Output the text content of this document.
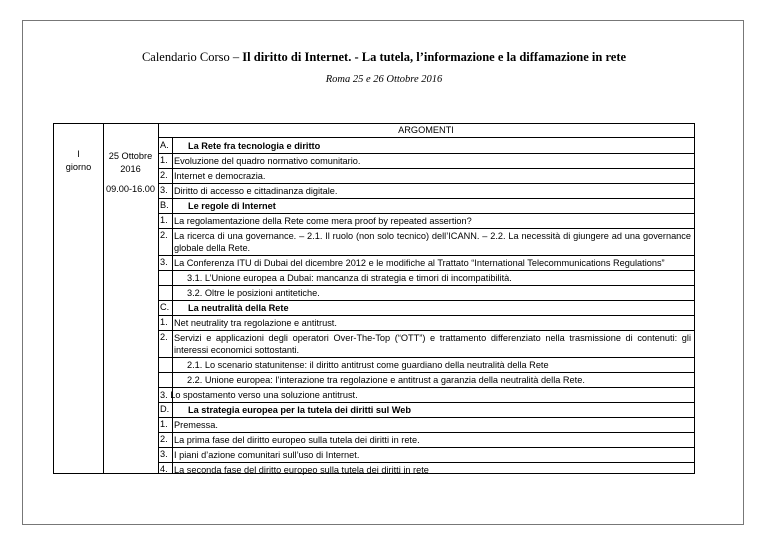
Calendario Corso – Il diritto di Internet. - La tutela, l’informazione e la diffamazione in rete
Roma 25 e 26 Ottobre 2016
ARGOMENTI
I
giorno
25 Ottobre
2016
09.00-16.00
A. La Rete fra tecnologia e diritto
1. Evoluzione del quadro normativo comunitario.
2. Internet e democrazia.
3. Diritto di accesso e cittadinanza digitale.
B. Le regole di Internet
1. La regolamentazione della Rete come mera proof by repeated assertion?
2. La ricerca di una governance. – 2.1. Il ruolo (non solo tecnico) dell’ICANN. – 2.2. La necessità di giungere ad una governance globale della Rete.
3. La Conferenza ITU di Dubai del dicembre 2012 e le modifiche al Trattato “International Telecommunications Regulations”
3.1. L’Unione europea a Dubai: mancanza di strategia e timori di incompatibilità.
3.2. Oltre le posizioni antitetiche.
C. La neutralità della Rete
1. Net neutrality tra regolazione e antitrust.
2. Servizi e applicazioni degli operatori Over-The-Top (“OTT”) e trattamento differenziato nella trasmissione di contenuti: gli interessi economici sottostanti.
2.1. Lo scenario statunitense: il diritto antitrust come guardiano della neutralità della Rete
2.2. Unione europea: l’interazione tra regolazione e antitrust a garanzia della neutralità della Rete.
3. Lo spostamento verso una soluzione antitrust.
D. La strategia europea per la tutela dei diritti sul Web
1. Premessa.
2. La prima fase del diritto europeo sulla tutela dei diritti in rete.
3. I piani d’azione comunitari sull’uso di Internet.
4. La seconda fase del diritto europeo sulla tutela dei diritti in rete
